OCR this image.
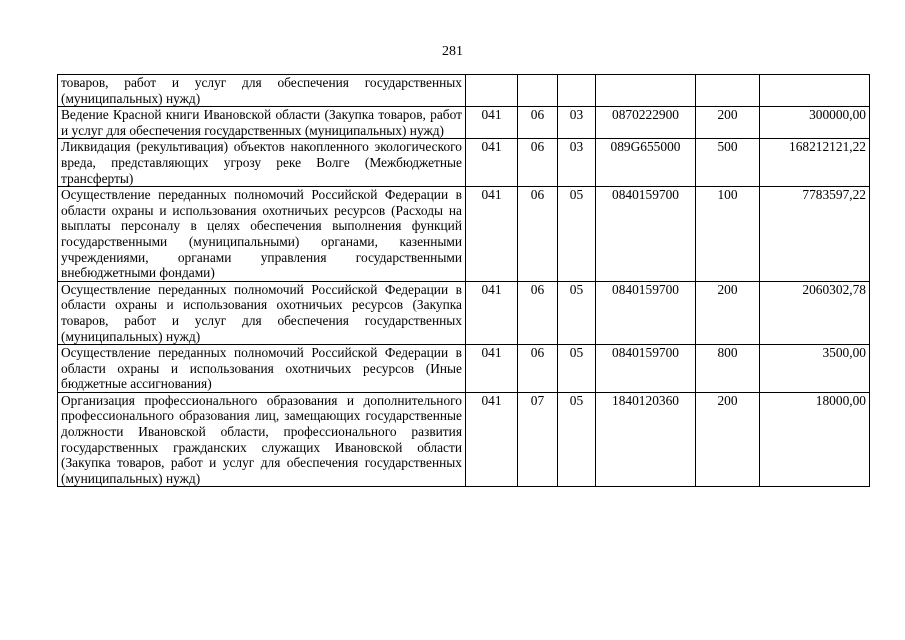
281
товаров, работ и услуг для обеспечения государственных (муниципальных) нужд)						
Ведение Красной книги Ивановской области (Закупка товаров, работ и услуг для обеспечения государственных (муниципальных) нужд)	041	06	03	0870222900	200	300000,00
Ликвидация (рекультивация) объектов накопленного экологического вреда, представляющих угрозу реке Волге (Межбюджетные трансферты)	041	06	03	089G655000	500	168212121,22
Осуществление переданных полномочий Российской Федерации в области охраны и использования охотничьих ресурсов (Расходы на выплаты персоналу в целях обеспечения выполнения функций государственными (муниципальными) органами, казенными учреждениями, органами управления государственными внебюджетными фондами)	041	06	05	0840159700	100	7783597,22
Осуществление переданных полномочий Российской Федерации в области охраны и использования охотничьих ресурсов (Закупка товаров, работ и услуг для обеспечения государственных (муниципальных) нужд)	041	06	05	0840159700	200	2060302,78
Осуществление переданных полномочий Российской Федерации в области охраны и использования охотничьих ресурсов (Иные бюджетные ассигнования)	041	06	05	0840159700	800	3500,00
Организация профессионального образования и дополнительного профессионального образования лиц, замещающих государственные должности Ивановской области, профессионального развития государственных гражданских служащих Ивановской области (Закупка товаров, работ и услуг для обеспечения государственных (муниципальных) нужд)	041	07	05	1840120360	200	18000,00
